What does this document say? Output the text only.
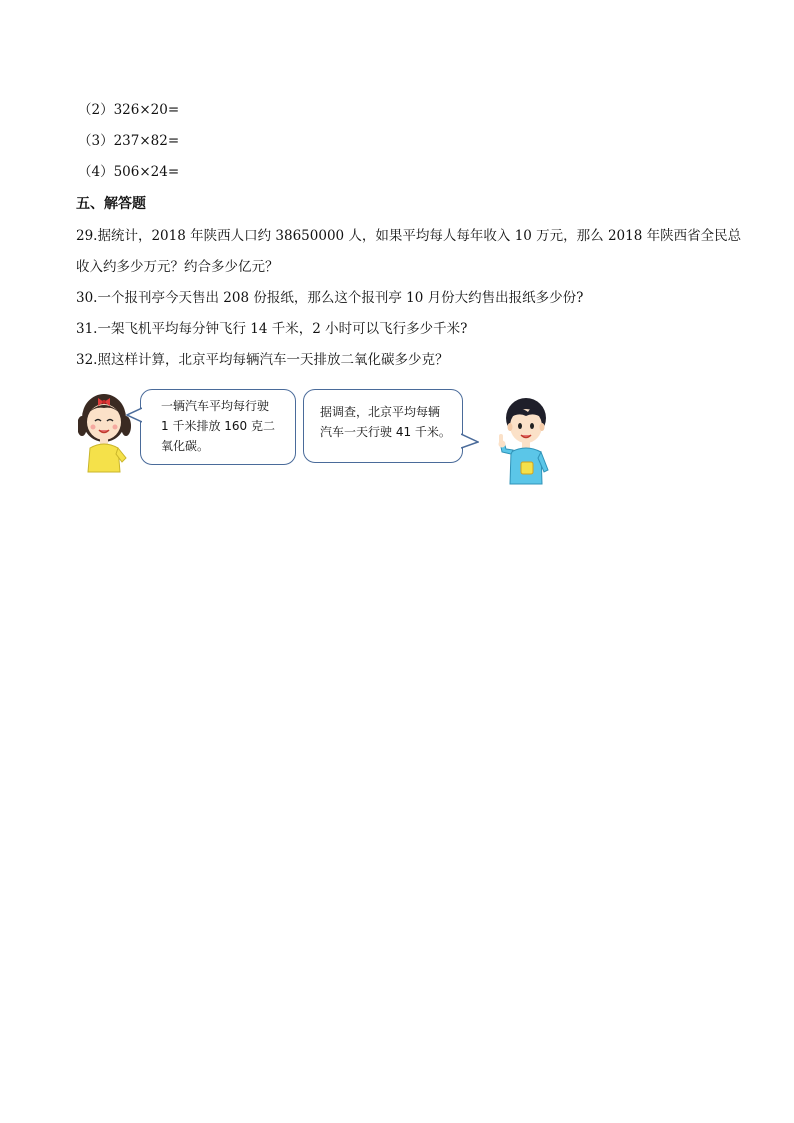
（2）326×20=
（3）237×82=
（4）506×24=
五、解答题
29.据统计，2018 年陕西人口约 38650000 人，如果平均每人每年收入 10 万元，那么 2018 年陕西省全民总
收入约多少万元？约合多少亿元？
30.一个报刊亭今天售出 208 份报纸，那么这个报刊亭 10 月份大约售出报纸多少份?
31.一架飞机平均每分钟飞行 14 千米，2 小时可以飞行多少千米?
32.照这样计算，北京平均每辆汽车一天排放二氧化碳多少克？
一辆汽车平均每行驶
1 千米排放 160 克二
氧化碳。
据调查，北京平均每辆
汽车一天行驶 41 千米。
